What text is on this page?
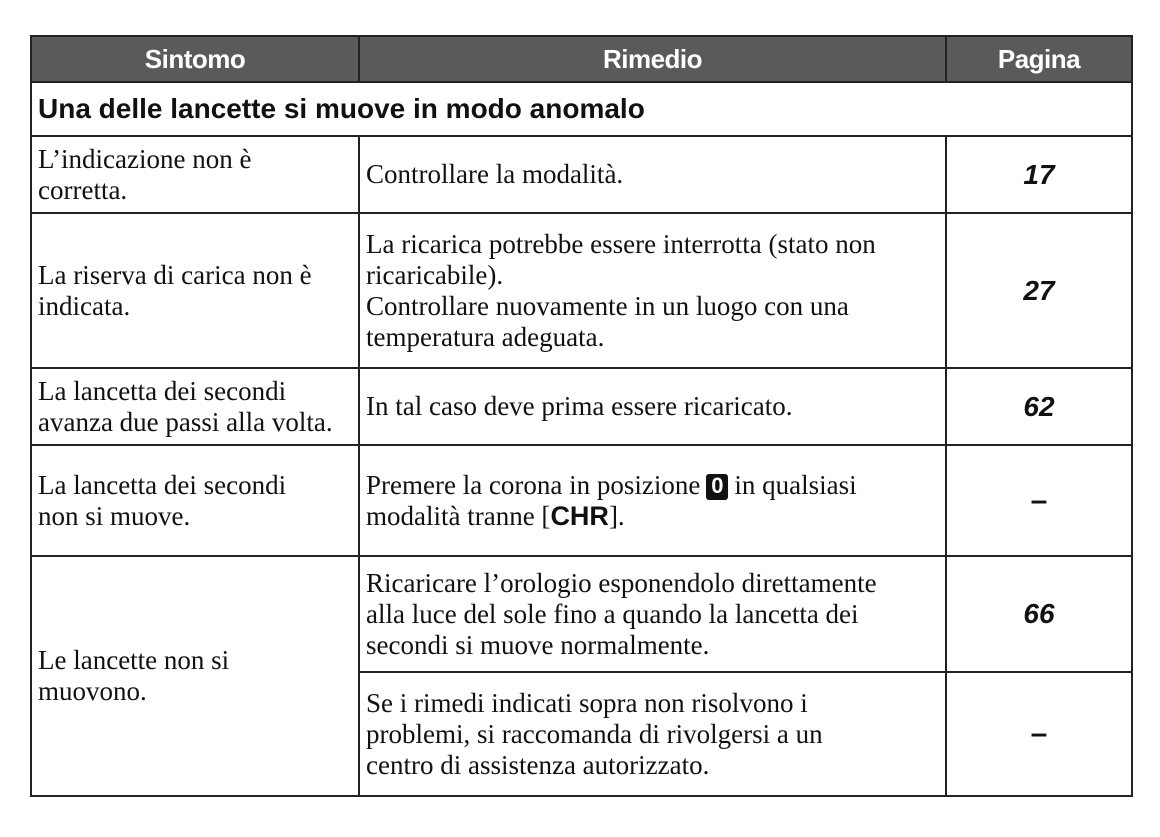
Sintomo	Rimedio	Pagina
Una delle lancette si muove in modo anomalo		

L’indicazione non è
corretta.	Controllare la modalità.	17

La riserva di carica non è
indicata.	La ricarica potrebbe essere interrotta (stato non
ricaricabile).
Controllare nuovamente in un luogo con una
temperatura adeguata.	27

La lancetta dei secondi
avanza due passi alla volta.	In tal caso deve prima essere ricaricato.	62

La lancetta dei secondi
non si muove.	Premere la corona in posizione 0 in qualsiasi
modalità tranne [CHR].	–

Le lancette non si
muovono.	Ricaricare l’orologio esponendolo direttamente
alla luce del sole fino a quando la lancetta dei
secondi si muove normalmente.	66

	Se i rimedi indicati sopra non risolvono i
problemi, si raccomanda di rivolgersi a un
centro di assistenza autorizzato.	–
